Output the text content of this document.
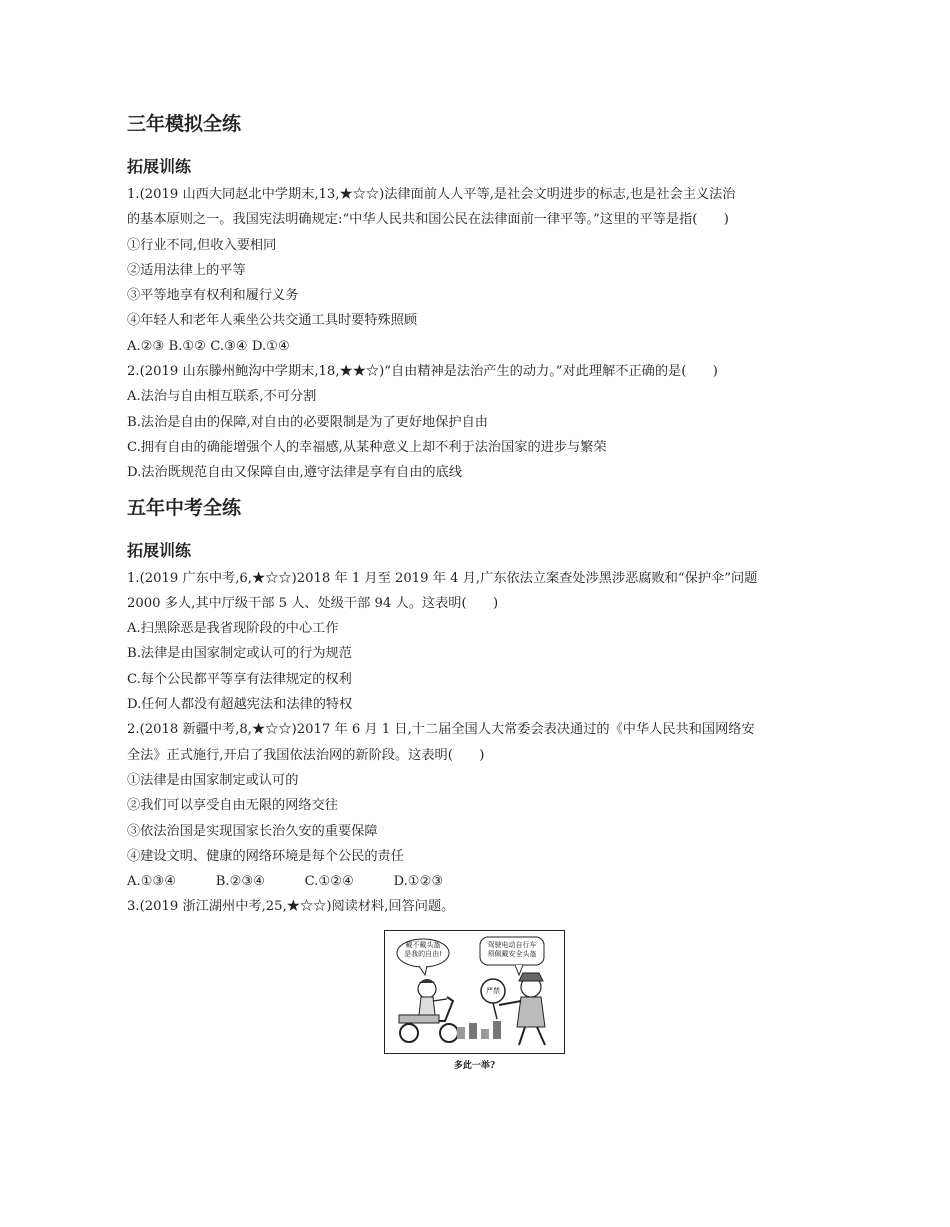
三年模拟全练
拓展训练

1.(2019 山西大同赵北中学期末,13,★☆☆)法律面前人人平等,是社会文明进步的标志,也是社会主义法治

的基本原则之一。我国宪法明确规定:“中华人民共和国公民在法律面前一律平等。”这里的平等是指(　　)

①行业不同,但收入要相同

②适用法律上的平等

③平等地享有权利和履行义务

④年轻人和老年人乘坐公共交通工具时要特殊照顾

A.②③ B.①② C.③④ D.①④

2.(2019 山东滕州鲍沟中学期末,18,★★☆)“自由精神是法治产生的动力。”对此理解不正确的是(　　)

A.法治与自由相互联系,不可分割

B.法治是自由的保障,对自由的必要限制是为了更好地保护自由

C.拥有自由的确能增强个人的幸福感,从某种意义上却不利于法治国家的进步与繁荣

D.法治既规范自由又保障自由,遵守法律是享有自由的底线

五年中考全练
拓展训练

1.(2019 广东中考,6,★☆☆)2018 年 1 月至 2019 年 4 月,广东依法立案查处涉黑涉恶腐败和“保护伞”问题

2000 多人,其中厅级干部 5 人、处级干部 94 人。这表明(　　)

A.扫黑除恶是我省现阶段的中心工作

B.法律是由国家制定或认可的行为规范

C.每个公民都平等享有法律规定的权利

D.任何人都没有超越宪法和法律的特权

2.(2018 新疆中考,8,★☆☆)2017 年 6 月 1 日,十二届全国人大常委会表决通过的《中华人民共和国网络安

全法》正式施行,开启了我国依法治网的新阶段。这表明(　　)

①法律是由国家制定或认可的

②我们可以享受自由无限的网络交往

③依法治国是实现国家长治久安的重要保障

④建设文明、健康的网络环境是每个公民的责任

A.①③④　　　B.②③④　　　C.①②④　　　D.①②③

3.(2019 浙江湖州中考,25,★☆☆)阅读材料,回答问题。

戴不戴头盔
是我的自由!
驾驶电动自行车
须佩戴安全头盔
严禁
多此一举?
